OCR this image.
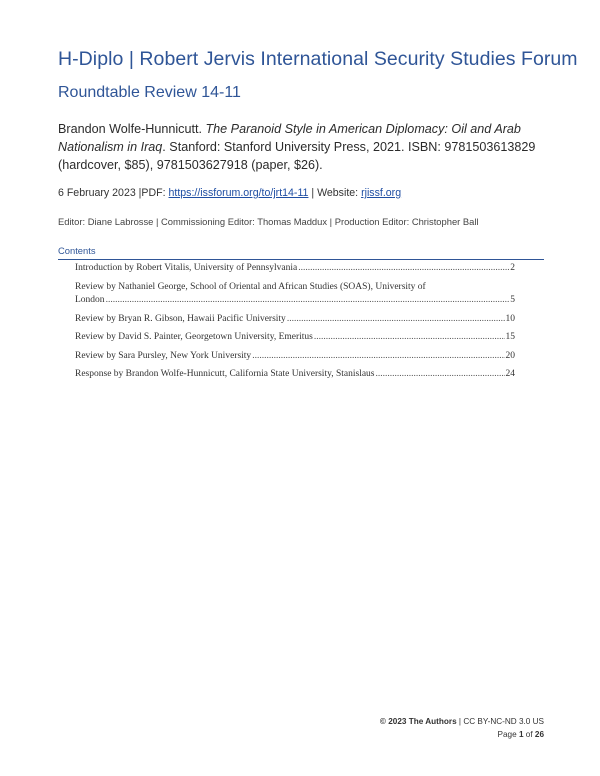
H-Diplo | Robert Jervis International Security Studies Forum
Roundtable Review 14-11
Brandon Wolfe-Hunnicutt. The Paranoid Style in American Diplomacy: Oil and Arab Nationalism in Iraq. Stanford: Stanford University Press, 2021. ISBN: 9781503613829 (hardcover, $85), 9781503627918 (paper, $26).
6 February 2023 |PDF: https://issforum.org/to/jrt14-11 | Website: rjissf.org
Editor: Diane Labrosse | Commissioning Editor: Thomas Maddux | Production Editor: Christopher Ball
Contents
Introduction by Robert Vitalis, University of Pennsylvania .....	2
Review by Nathaniel George, School of Oriental and African Studies (SOAS), University of
London .....	5
Review by Bryan R. Gibson, Hawaii Pacific University .....	10
Review by David S. Painter, Georgetown University, Emeritus .....	15
Review by Sara Pursley, New York University .....	20
Response by Brandon Wolfe-Hunnicutt, California State University, Stanislaus .....	24
© 2023 The Authors | CC BY-NC-ND 3.0 US
Page 1 of 26
